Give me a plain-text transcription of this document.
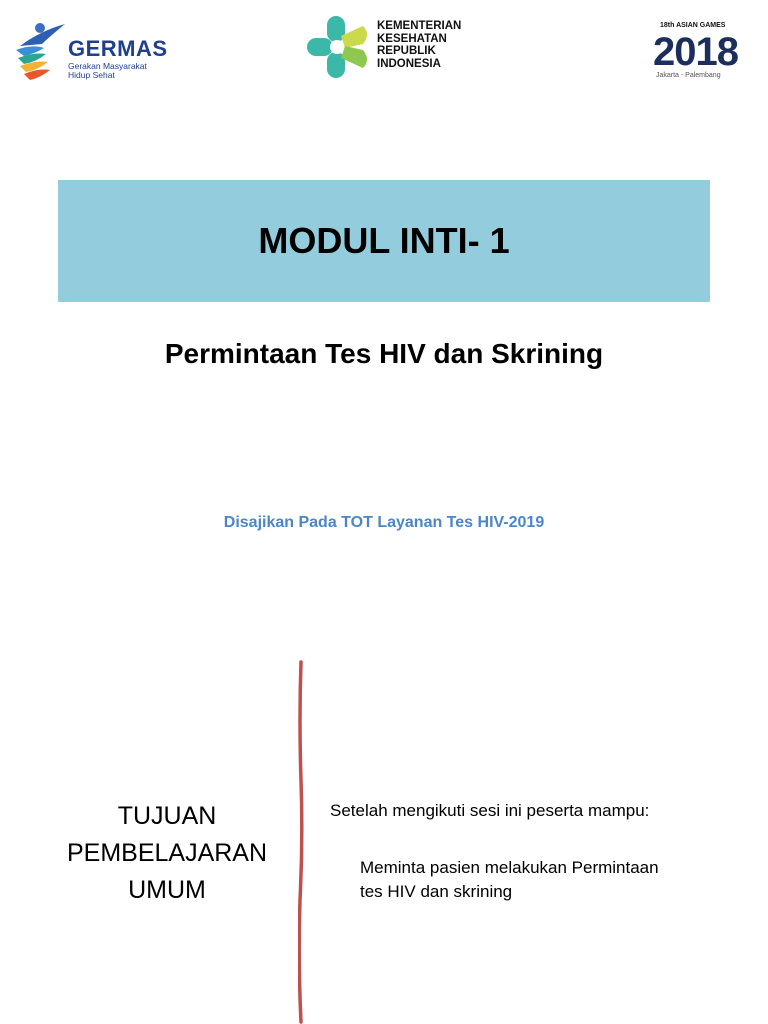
GERMAS
Gerakan Masyarakat
Hidup Sehat
KEMENTERIAN
KESEHATAN
REPUBLIK
INDONESIA
18th ASIAN GAMES
2018
Jakarta - Palembang
MODUL INTI- 1
Permintaan Tes HIV dan Skrining
Disajikan Pada TOT Layanan Tes HIV-2019
TUJUAN
PEMBELAJARAN
UMUM
Setelah mengikuti sesi ini peserta mampu:
Meminta pasien melakukan Permintaan
tes HIV dan skrining
